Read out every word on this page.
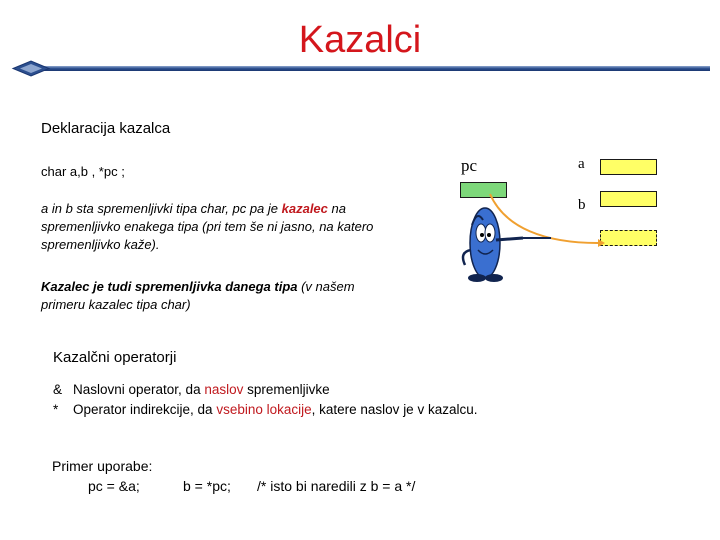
Kazalci
Deklaracija kazalca
char a,b , *pc ;
a in b sta spremenljivki tipa char, pc pa je kazalec na spremenljivko enakega tipa (pri tem še ni jasno, na katero spremenljivko kaže).
Kazalec je tudi spremenljivka danega tipa (v našem primeru kazalec tipa char)
Kazalčni operatorji
& Naslovni operator, da naslov spremenljivke
* Operator indirekcije, da vsebino lokacije, katere naslov je v kazalcu.
Primer uporabe:
pc = &a;	b = *pc; /* isto bi naredili z b = a */
pc	a
b
